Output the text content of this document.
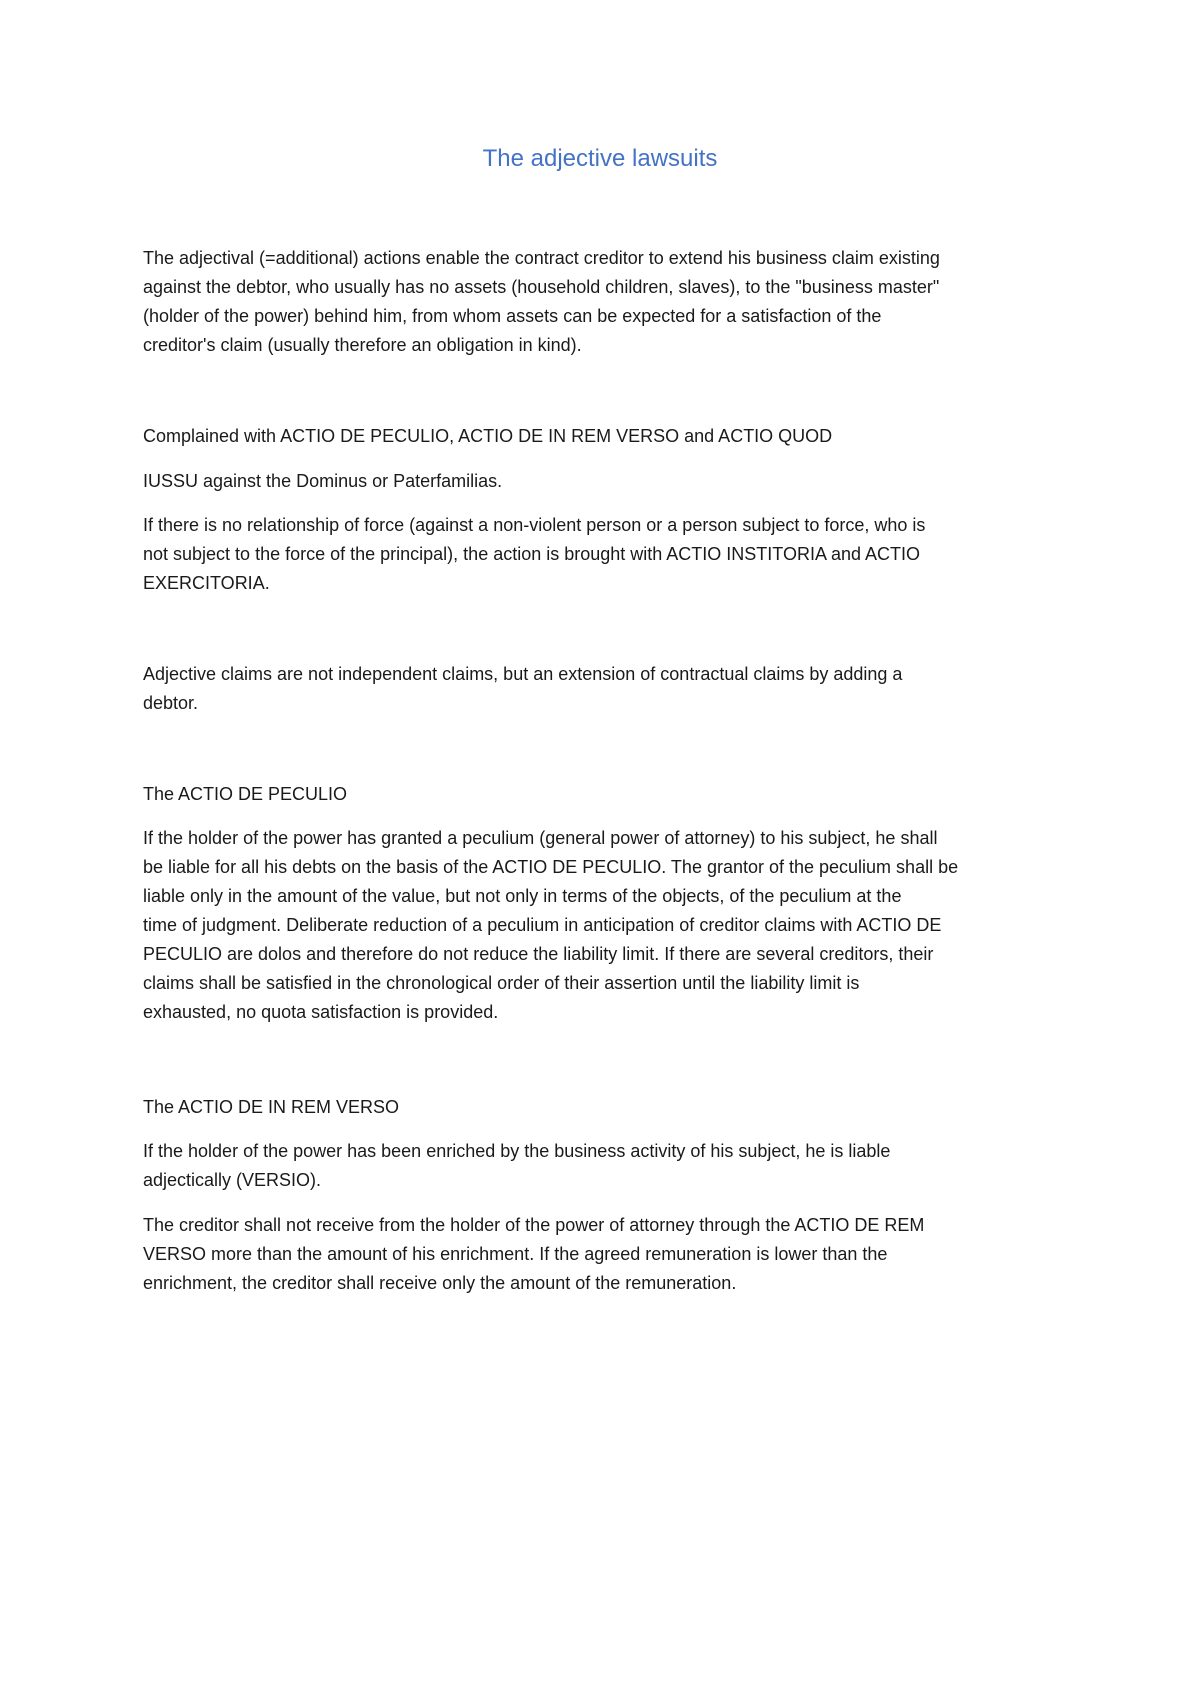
The adjective lawsuits

The adjectival (=additional) actions enable the contract creditor to extend his business claim existing
against the debtor, who usually has no assets (household children, slaves), to the "business master"
(holder of the power) behind him, from whom assets can be expected for a satisfaction of the
creditor's claim (usually therefore an obligation in kind).

Complained with ACTIO DE PECULIO, ACTIO DE IN REM VERSO and ACTIO QUOD

IUSSU against the Dominus or Paterfamilias.

If there is no relationship of force (against a non-violent person or a person subject to force, who is
not subject to the force of the principal), the action is brought with ACTIO INSTITORIA and ACTIO
EXERCITORIA.

Adjective claims are not independent claims, but an extension of contractual claims by adding a
debtor.

The ACTIO DE PECULIO

If the holder of the power has granted a peculium (general power of attorney) to his subject, he shall
be liable for all his debts on the basis of the ACTIO DE PECULIO. The grantor of the peculium shall be
liable only in the amount of the value, but not only in terms of the objects, of the peculium at the
time of judgment. Deliberate reduction of a peculium in anticipation of creditor claims with ACTIO DE
PECULIO are dolos and therefore do not reduce the liability limit. If there are several creditors, their
claims shall be satisfied in the chronological order of their assertion until the liability limit is
exhausted, no quota satisfaction is provided.

The ACTIO DE IN REM VERSO

If the holder of the power has been enriched by the business activity of his subject, he is liable
adjectically (VERSIO).

The creditor shall not receive from the holder of the power of attorney through the ACTIO DE REM
VERSO more than the amount of his enrichment. If the agreed remuneration is lower than the
enrichment, the creditor shall receive only the amount of the remuneration.
